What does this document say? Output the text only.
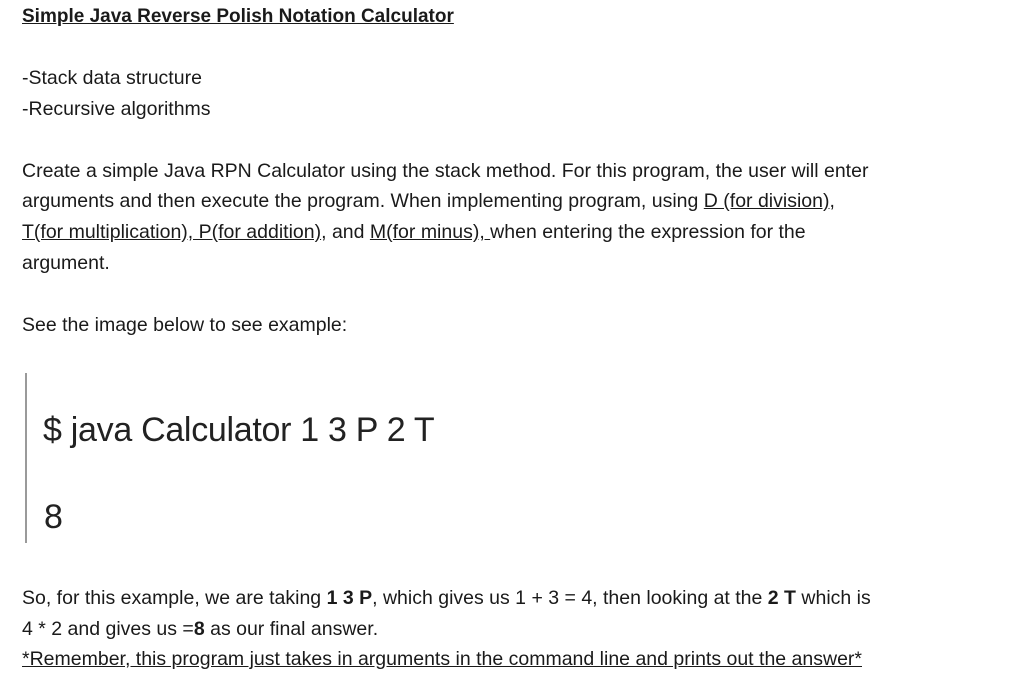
Simple Java Reverse Polish Notation Calculator
-Stack data structure
-Recursive algorithms
Create a simple Java RPN Calculator using the stack method. For this program, the user will enter
arguments and then execute the program. When implementing program, using D (for division),
T(for multiplication), P(for addition), and M(for minus), when entering the expression for the
argument.
See the image below to see example:
$ java Calculator 1 3 P 2 T
8
So, for this example, we are taking 1 3 P, which gives us 1 + 3 = 4, then looking at the 2 T which is
4 * 2 and gives us =8 as our final answer.
*Remember, this program just takes in arguments in the command line and prints out the answer*
